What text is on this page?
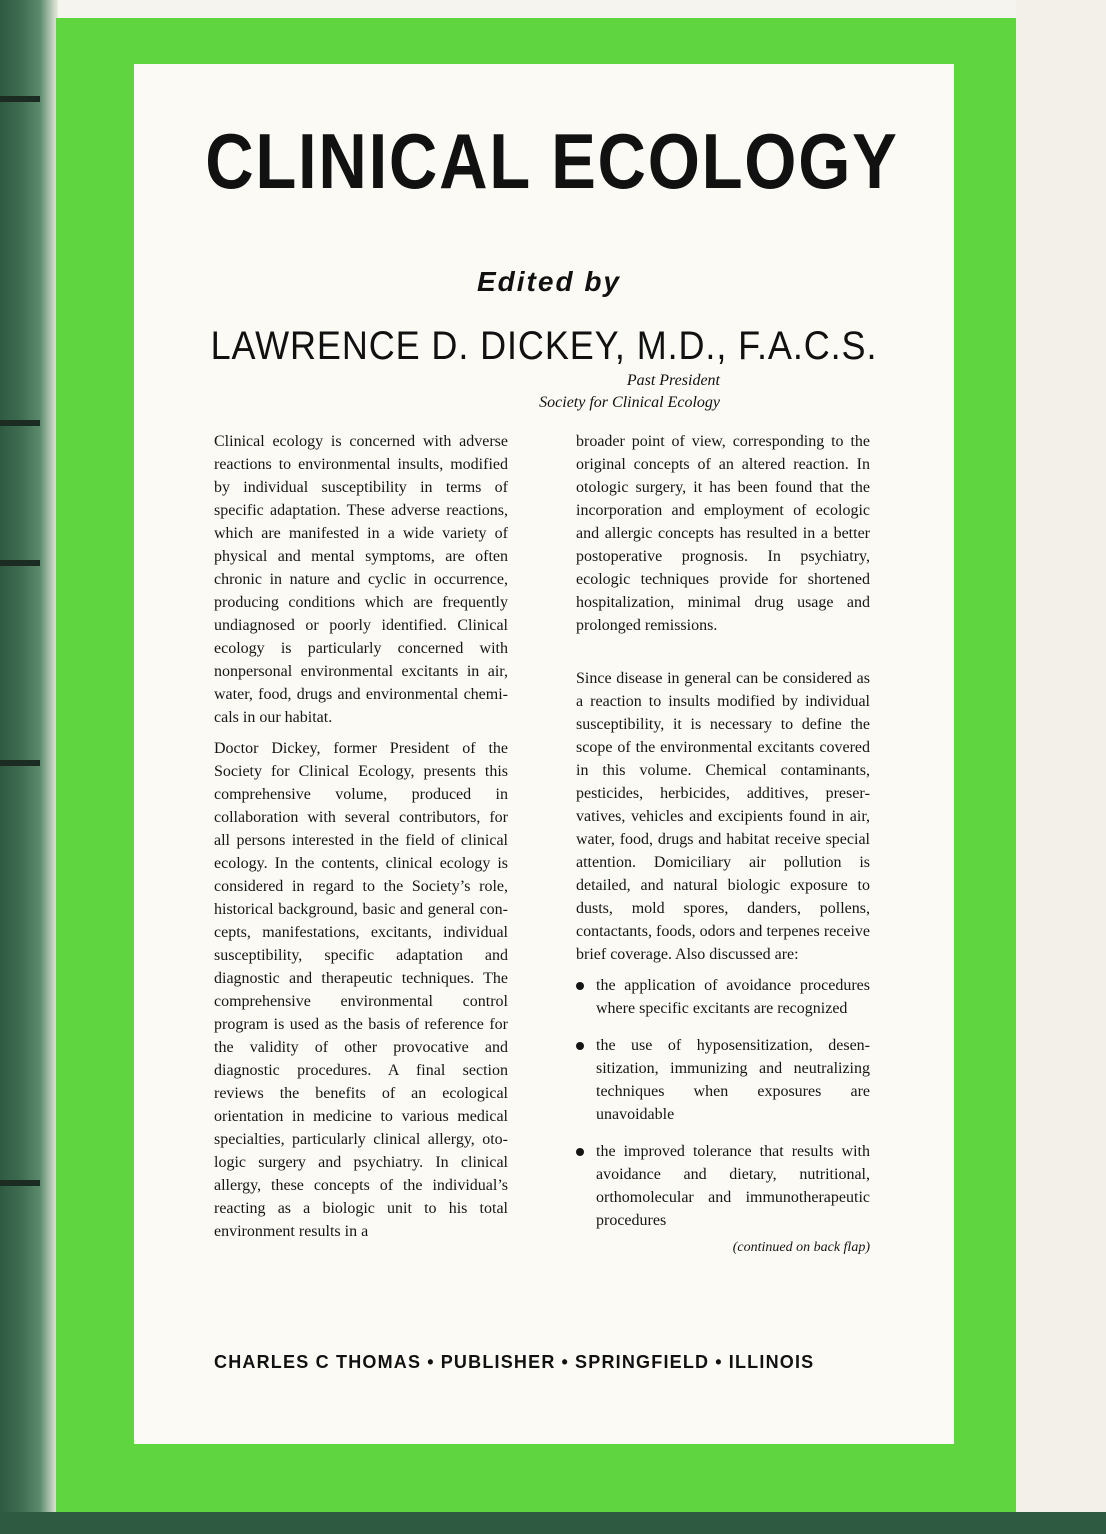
CLINICAL ECOLOGY
Edited by
LAWRENCE D. DICKEY, M.D., F.A.C.S.
Past President
Society for Clinical Ecology

Clinical ecology is concerned with adverse reactions to environmental insults, modified by individual susceptibility in terms of specific adaptation. These adverse reactions, which are manifested in a wide variety of physical and mental symptoms, are often chronic in nature and cyclic in occurrence, producing conditions which are frequently undiagnosed or poorly identified. Clinical ecology is particularly concerned with nonpersonal environmental excitants in air, water, food, drugs and environmental chemicals in our habitat.

Doctor Dickey, former President of the Society for Clinical Ecology, presents this comprehensive volume, produced in collaboration with several contributors, for all persons interested in the field of clinical ecology. In the contents, clinical ecology is considered in regard to the Society’s role, historical background, basic and general concepts, manifestations, excitants, individual susceptibility, specific adaptation and diagnostic and therapeutic techniques. The comprehensive environmental control program is used as the basis of reference for the validity of other provocative and diagnostic procedures. A final section reviews the benefits of an ecological orientation in medicine to various medical specialties, particularly clinical allergy, otologic surgery and psychiatry. In clinical allergy, these concepts of the individual’s reacting as a biologic unit to his total environment results in a

broader point of view, corresponding to the original concepts of an altered reaction. In otologic surgery, it has been found that the incorporation and employment of ecologic and allergic concepts has resulted in a better postoperative prognosis. In psychiatry, ecologic techniques provide for shortened hospitalization, minimal drug usage and prolonged remissions.

Since disease in general can be considered as a reaction to insults modified by individual susceptibility, it is necessary to define the scope of the environmental excitants covered in this volume. Chemical contaminants, pesticides, herbicides, additives, preservatives, vehicles and excipients found in air, water, food, drugs and habitat receive special attention. Domiciliary air pollution is detailed, and natural biologic exposure to dusts, mold spores, danders, pollens, contactants, foods, odors and terpenes receive brief coverage. Also discussed are:

the application of avoidance procedures where specific excitants are recognized
the use of hyposensitization, desensitization, immunizing and neutralizing techniques when exposures are unavoidable
the improved tolerance that results with avoidance and dietary, nutritional, orthomolecular and immunotherapeutic procedures
(continued on back flap)
CHARLES C THOMAS • PUBLISHER • SPRINGFIELD • ILLINOIS
